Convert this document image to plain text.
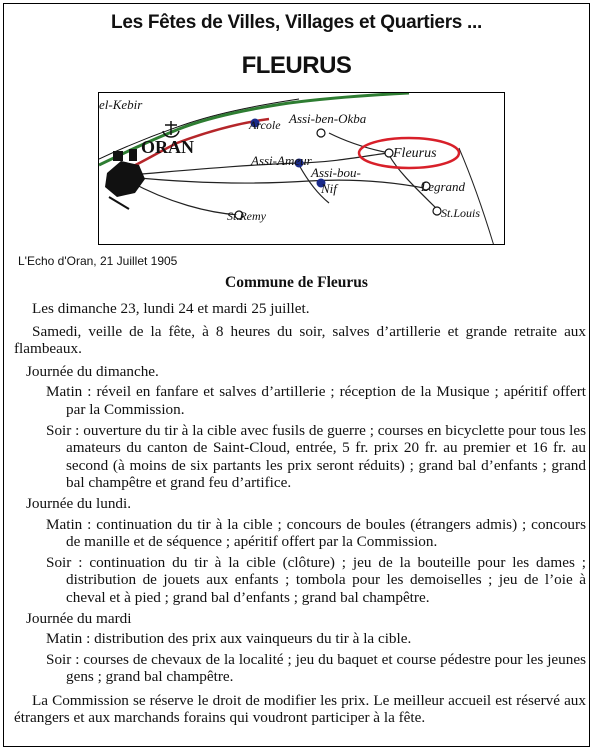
Les Fêtes de Villes, Villages et Quartiers ...
FLEURUS
el-Kebir
Arcole Assi-ben-Okba
Fleurus
Assi-Ameur
Assi-bou-
Nif	Legrand
St.Remy	St.Louis
ORAN
L'Echo d'Oran, 21 Juillet 1905
Commune de Fleurus
Les dimanche 23, lundi 24 et mardi 25 juillet.
Samedi, veille de la fête, à 8 heures du soir, salves d’artillerie et grande retraite aux flambeaux.
Journée du dimanche.
Matin : réveil en fanfare et salves d’artillerie ; réception de la Musique ; apéritif offert par la Commission.
Soir : ouverture du tir à la cible avec fusils de guerre ; courses en bicyclette pour tous les amateurs du canton de Saint-Cloud, entrée, 5 fr. prix 20 fr. au premier et 16 fr. au second (à moins de six partants les prix seront réduits) ; grand bal d’enfants ; grand bal champêtre et grand feu d’artifice.
Journée du lundi.
Matin : continuation du tir à la cible ; concours de boules (étrangers admis) ; concours de manille et de séquence ; apéritif offert par la Commission.
Soir : continuation du tir à la cible (clôture) ; jeu de la bouteille pour les dames ; distribution de jouets aux enfants ; tombola pour les demoiselles ; jeu de l’oie à cheval et à pied ; grand bal d’enfants ; grand bal champêtre.
Journée du mardi
Matin : distribution des prix aux vainqueurs du tir à la cible.
Soir : courses de chevaux de la localité ; jeu du baquet et course pédestre pour les jeunes gens ; grand bal champêtre.
La Commission se réserve le droit de modifier les prix. Le meilleur accueil est réservé aux étrangers et aux marchands forains qui voudront participer à la fête.
